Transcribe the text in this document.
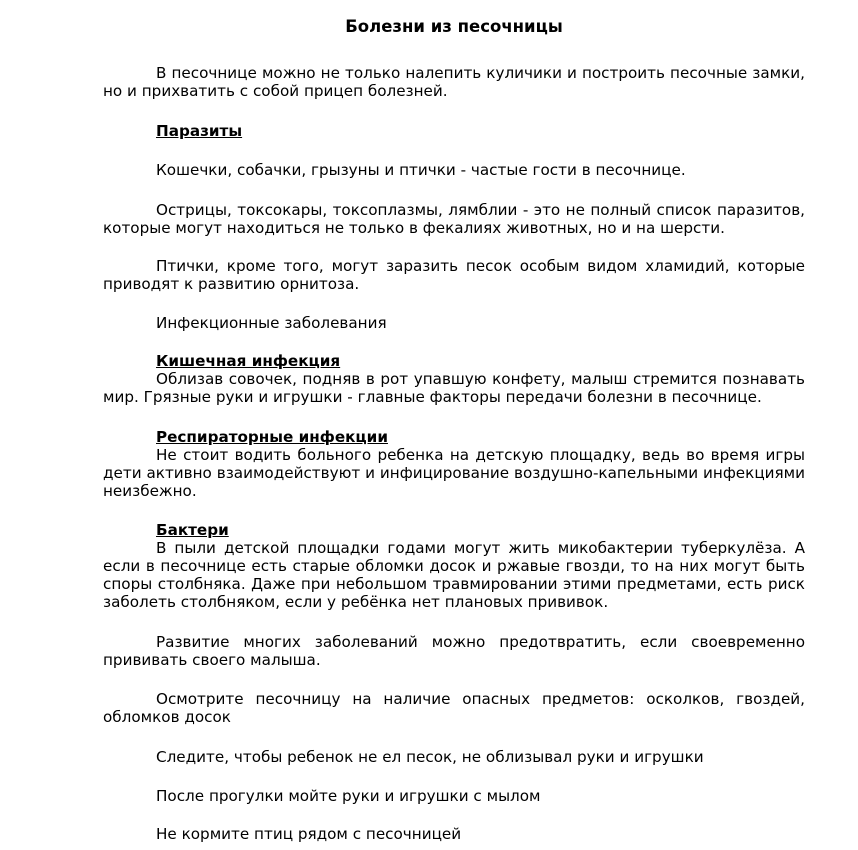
Болезни из песочницы

В песочнице можно не только налепить куличики и построить песочные замки, но и прихватить с собой прицеп болезней.

Паразиты

Кошечки, собачки, грызуны и птички - частые гости в песочнице.

Острицы, токсокары, токсоплазмы, лямблии - это не полный список паразитов, которые могут находиться не только в фекалиях животных, но и на шерсти.

Птички, кроме того, могут заразить песок особым видом хламидий, которые приводят к развитию орнитоза.

Инфекционные заболевания

Кишечная инфекция

Облизав совочек, подняв в рот упавшую конфету, малыш стремится познавать мир. Грязные руки и игрушки - главные факторы передачи болезни в песочнице.

Респираторные инфекции

Не стоит водить больного ребенка на детскую площадку, ведь во время игры дети активно взаимодействуют и инфицирование воздушно-капельными инфекциями неизбежно.

Бактери

В пыли детской площадки годами могут жить микобактерии туберкулёза. А если в песочнице есть старые обломки досок и ржавые гвозди, то на них могут быть споры столбняка. Даже при небольшом травмировании этими предметами, есть риск заболеть столбняком, если у ребёнка нет плановых прививок.

Развитие многих заболеваний можно предотвратить, если своевременно прививать своего малыша.

Осмотрите песочницу на наличие опасных предметов: осколков, гвоздей, обломков досок

Следите, чтобы ребенок не ел песок, не облизывал руки и игрушки

После прогулки мойте руки и игрушки с мылом

Не кормите птиц рядом с песочницей
